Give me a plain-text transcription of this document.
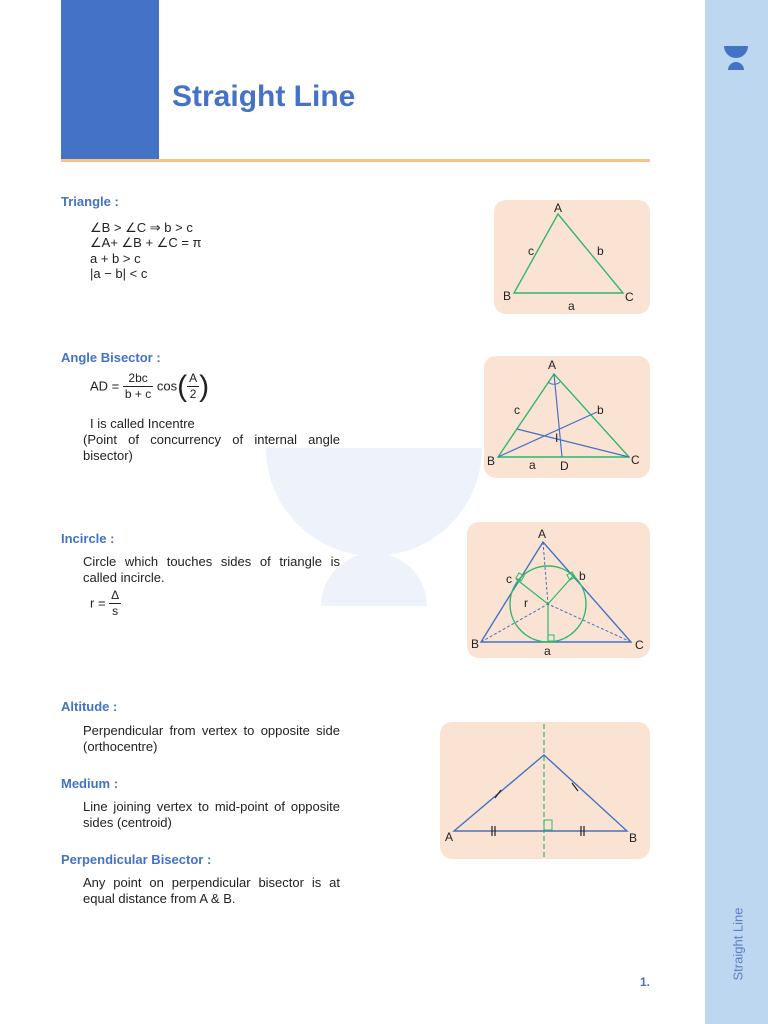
Straight Line
Straight Line
Triangle :
∠B > ∠C ⇒ b > c
∠A+ ∠B + ∠C = π
a + b > c
|a − b| < c
A
B	C
a
b
c
Angle Bisector :
AD = $\frac{2bc}{b + c} \cos( \frac{A}{2}$ )
I is called Incentre
(Point of concurrency of internal angle bisector)
A
B	C
D
I
a
b
c
Incircle :
Circle which touches sides of triangle is called incircle.
$r = \frac{\Delta}{s}$
A
B	C
a
b
c
r
Altitude :
Perpendicular from vertex to opposite side (orthocentre)
Medium :
Line joining vertex to mid-point of opposite sides (centroid)
Perpendicular Bisector :
Any point on perpendicular bisector is at equal distance from A & B.
A	B
1.
